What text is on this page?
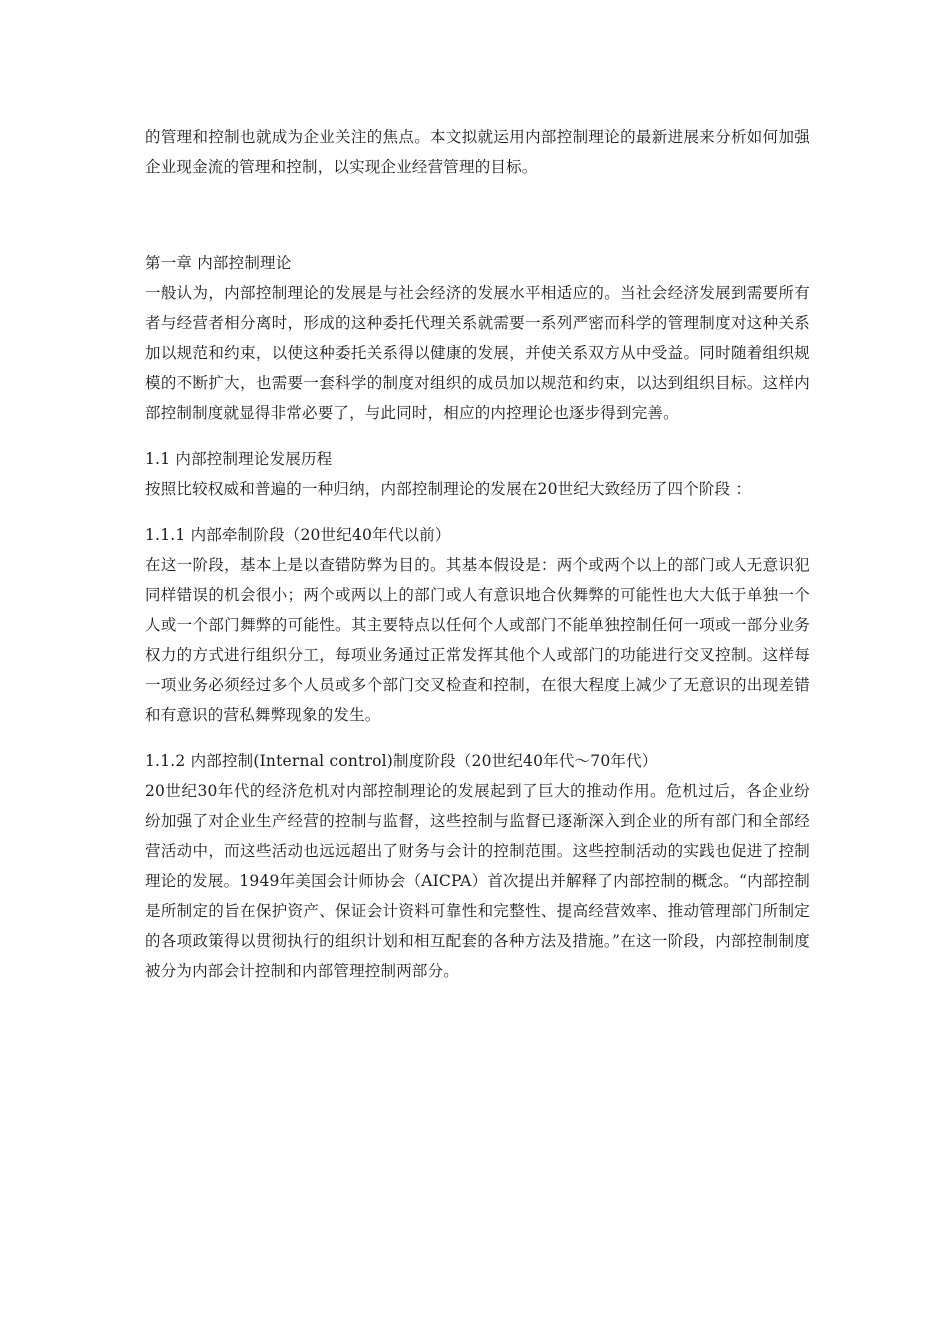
的管理和控制也就成为企业关注的焦点。本文拟就运用内部控制理论的最新进展来分析如何加强企业现金流的管理和控制，以实现企业经营管理的目标。

第一章 内部控制理论

一般认为，内部控制理论的发展是与社会经济的发展水平相适应的。当社会经济发展到需要所有者与经营者相分离时，形成的这种委托代理关系就需要一系列严密而科学的管理制度对这种关系加以规范和约束，以使这种委托关系得以健康的发展，并使关系双方从中受益。同时随着组织规模的不断扩大，也需要一套科学的制度对组织的成员加以规范和约束，以达到组织目标。这样内部控制制度就显得非常必要了，与此同时，相应的内控理论也逐步得到完善。

1.1 内部控制理论发展历程

按照比较权威和普遍的一种归纳，内部控制理论的发展在20世纪大致经历了四个阶段 ：

1.1.1 内部牵制阶段（20世纪40年代以前）

在这一阶段，基本上是以查错防弊为目的。其基本假设是：两个或两个以上的部门或人无意识犯同样错误的机会很小；两个或两以上的部门或人有意识地合伙舞弊的可能性也大大低于单独一个人或一个部门舞弊的可能性。其主要特点以任何个人或部门不能单独控制任何一项或一部分业务权力的方式进行组织分工，每项业务通过正常发挥其他个人或部门的功能进行交叉控制。这样每一项业务必须经过多个人员或多个部门交叉检查和控制，在很大程度上减少了无意识的出现差错和有意识的营私舞弊现象的发生。

1.1.2 内部控制(Internal control)制度阶段（20世纪40年代～70年代）

20世纪30年代的经济危机对内部控制理论的发展起到了巨大的推动作用。危机过后，各企业纷纷加强了对企业生产经营的控制与监督，这些控制与监督已逐渐深入到企业的所有部门和全部经营活动中，而这些活动也远远超出了财务与会计的控制范围。这些控制活动的实践也促进了控制理论的发展。1949年美国会计师协会（AICPA）首次提出并解释了内部控制的概念。“内部控制是所制定的旨在保护资产、保证会计资料可靠性和完整性、提高经营效率、推动管理部门所制定的各项政策得以贯彻执行的组织计划和相互配套的各种方法及措施。”在这一阶段，内部控制制度被分为内部会计控制和内部管理控制两部分。
